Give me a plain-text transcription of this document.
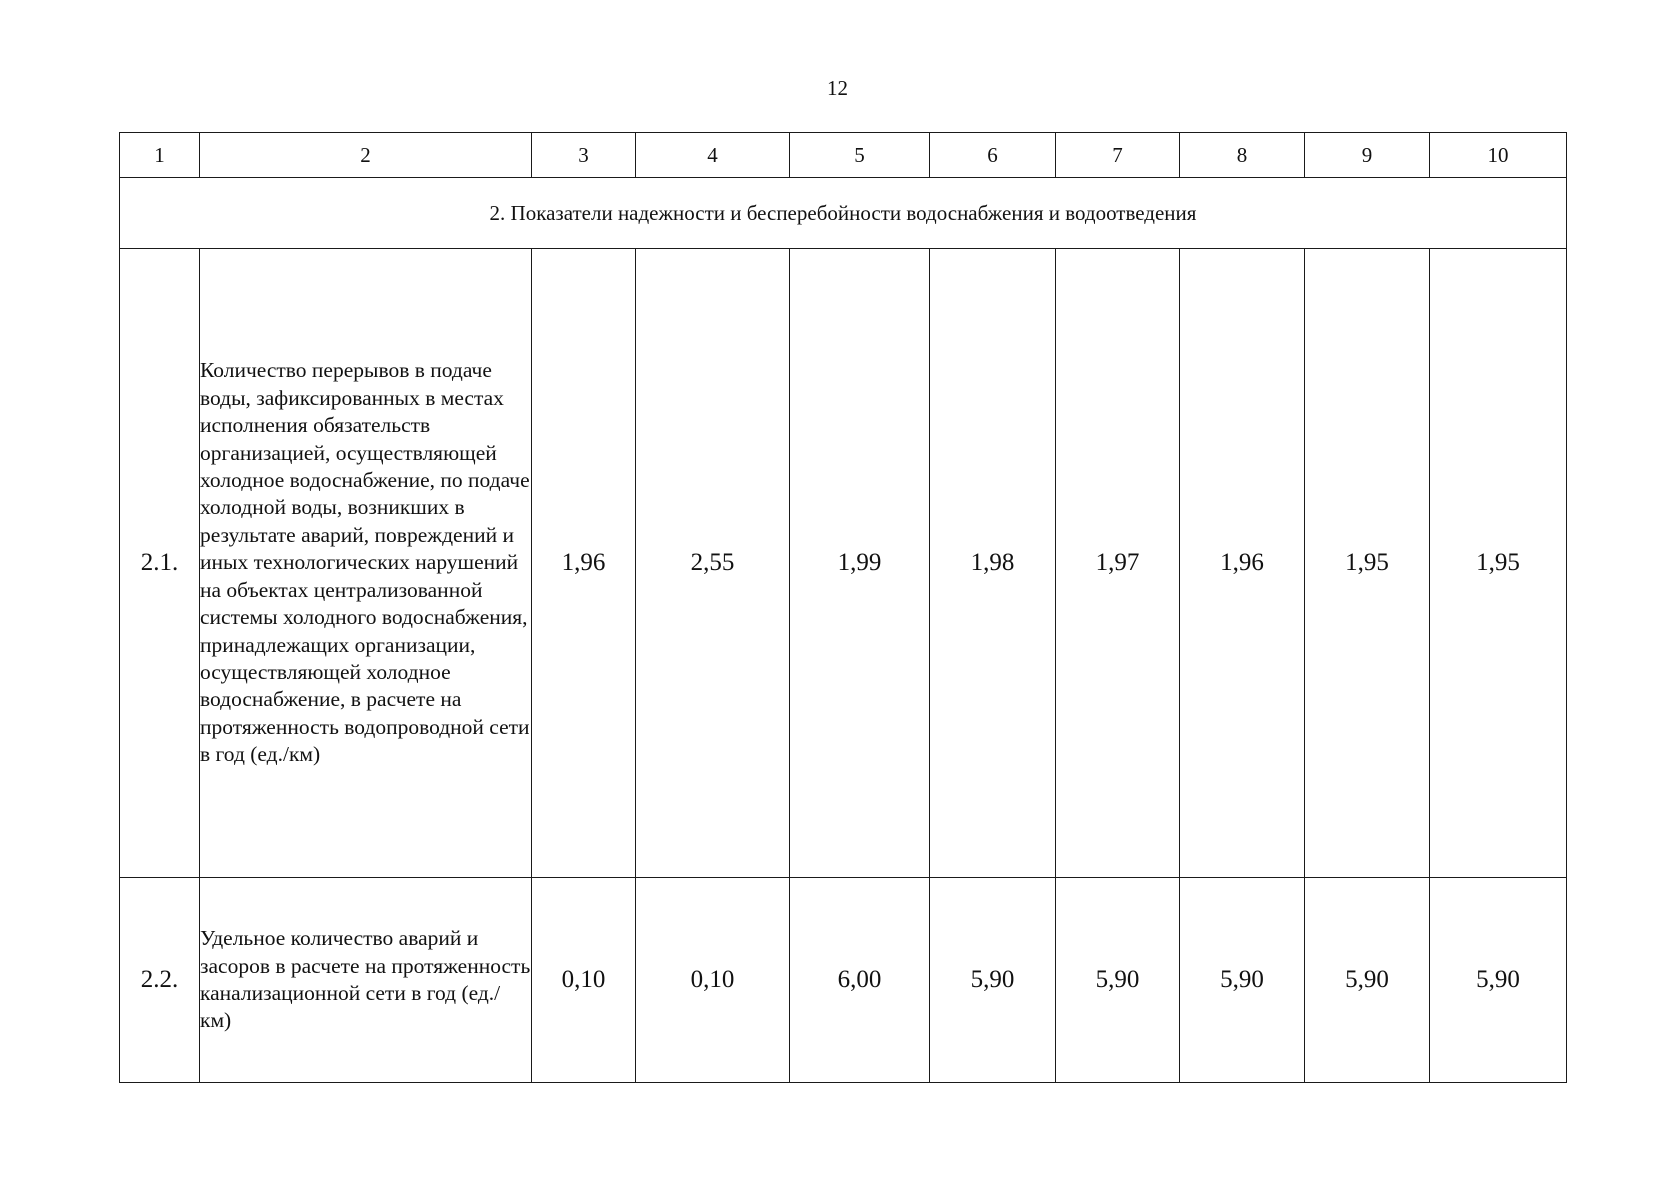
12
1	2	3	4	5	6	7	8	9	10
2. Показатели надежности и бесперебойности водоснабжения и водоотведения									
2.1.	Количество перерывов в подаче воды, зафиксированных в местах исполнения обязательств организацией, осуществляющей холодное водоснабжение, по подаче холодной воды, возникших в результате аварий, повреждений и иных технологических нарушений на объектах централизованной системы холодного водоснабжения, принадлежащих организации, осуществляющей холодное водоснабжение, в расчете на протяженность водопроводной сети в год (ед./км)	1,96	2,55	1,99	1,98	1,97	1,96	1,95	1,95
2.2.	Удельное количество аварий и засоров в расчете на протяженность канализационной сети в год (ед./км)	0,10	0,10	6,00	5,90	5,90	5,90	5,90	5,90
